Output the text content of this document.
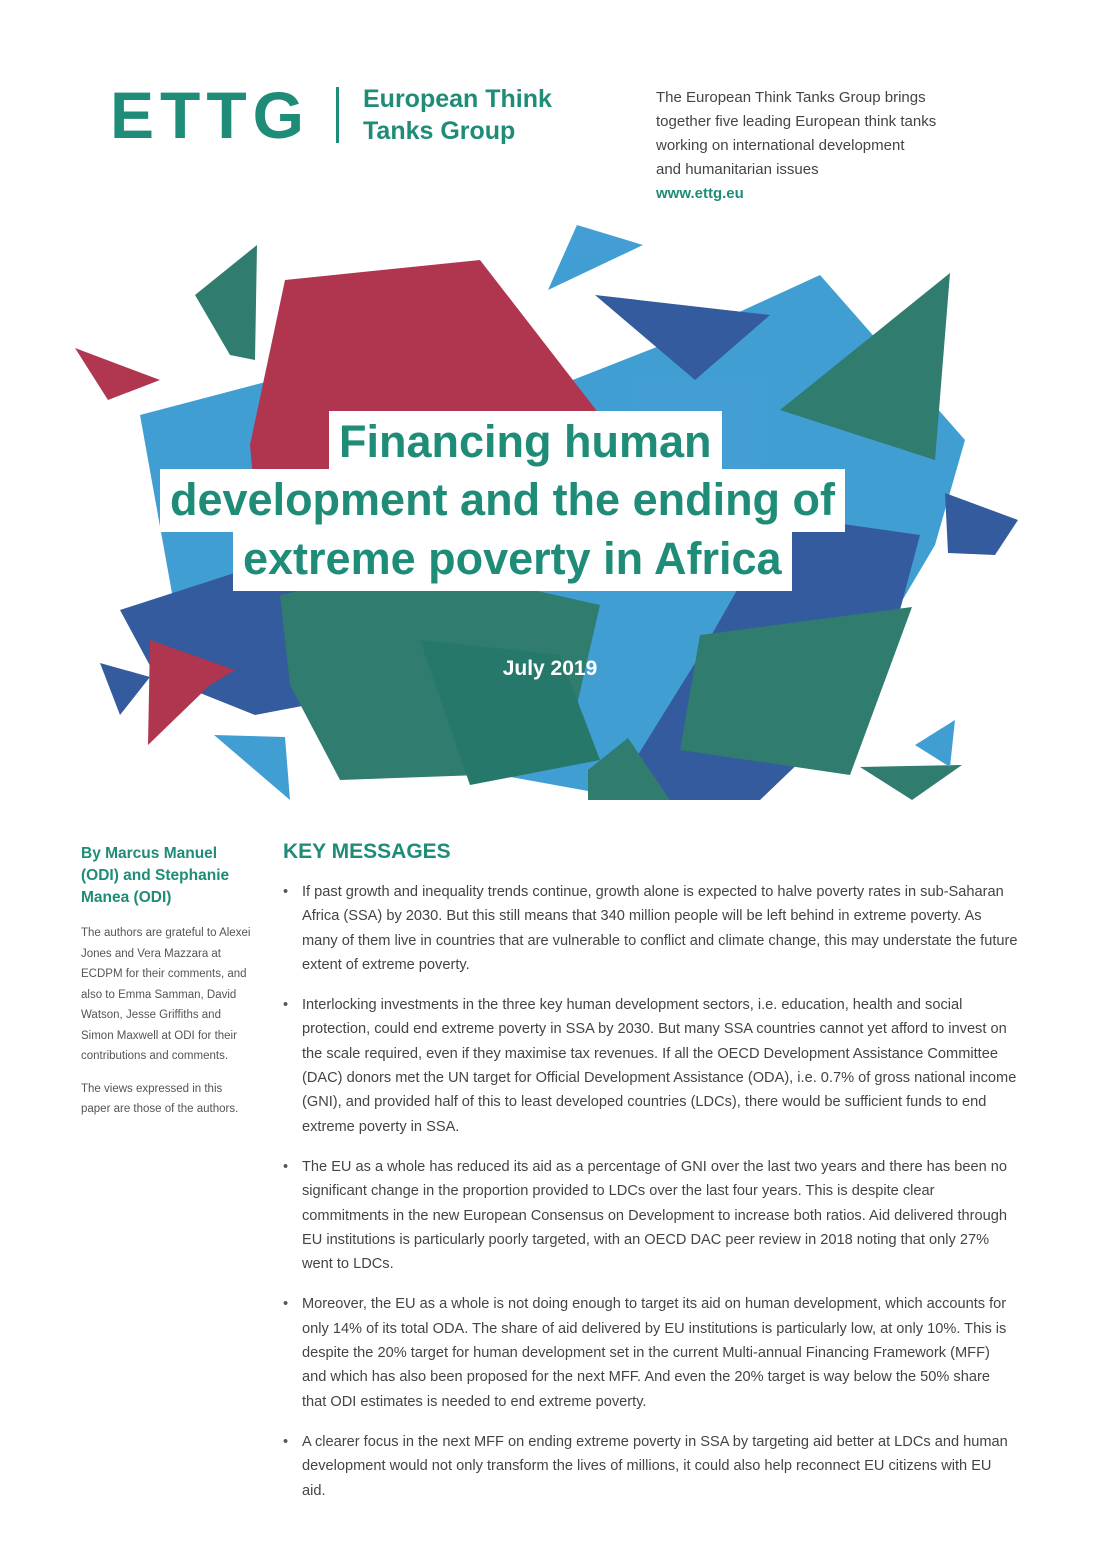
ETTG European Think
Tanks Group
The European Think Tanks Group brings
together five leading European think tanks
working on international development
and humanitarian issues
www.ettg.eu
Financing human
development and the ending of
extreme poverty in Africa
July 2019

By Marcus Manuel (ODI) and Stephanie Manea (ODI)

The authors are grateful to Alexei Jones and Vera Mazzara at ECDPM for their comments, and also to Emma Samman, David Watson, Jesse Griffiths and Simon Maxwell at ODI for their contributions and comments.

The views expressed in this paper are those of the authors.

KEY MESSAGES
• If past growth and inequality trends continue, growth alone is expected to halve poverty rates in sub-Saharan Africa (SSA) by 2030. But this still means that 340 million people will be left behind in extreme poverty. As many of them live in countries that are vulnerable to conflict and climate change, this may understate the future extent of extreme poverty.
• Interlocking investments in the three key human development sectors, i.e. education, health and social protection, could end extreme poverty in SSA by 2030. But many SSA countries cannot yet afford to invest on the scale required, even if they maximise tax revenues. If all the OECD Development Assistance Committee (DAC) donors met the UN target for Official Development Assistance (ODA), i.e. 0.7% of gross national income (GNI), and provided half of this to least developed countries (LDCs), there would be sufficient funds to end extreme poverty in SSA.
• The EU as a whole has reduced its aid as a percentage of GNI over the last two years and there has been no significant change in the proportion provided to LDCs over the last four years. This is despite clear commitments in the new European Consensus on Development to increase both ratios. Aid delivered through EU institutions is particularly poorly targeted, with an OECD DAC peer review in 2018 noting that only 27% went to LDCs.
• Moreover, the EU as a whole is not doing enough to target its aid on human development, which accounts for only 14% of its total ODA. The share of aid delivered by EU institutions is particularly low, at only 10%. This is despite the 20% target for human development set in the current Multi-annual Financing Framework (MFF) and which has also been proposed for the next MFF. And even the 20% target is way below the 50% share that ODI estimates is needed to end extreme poverty.
• A clearer focus in the next MFF on ending extreme poverty in SSA by targeting aid better at LDCs and human development would not only transform the lives of millions, it could also help reconnect EU citizens with EU aid.
